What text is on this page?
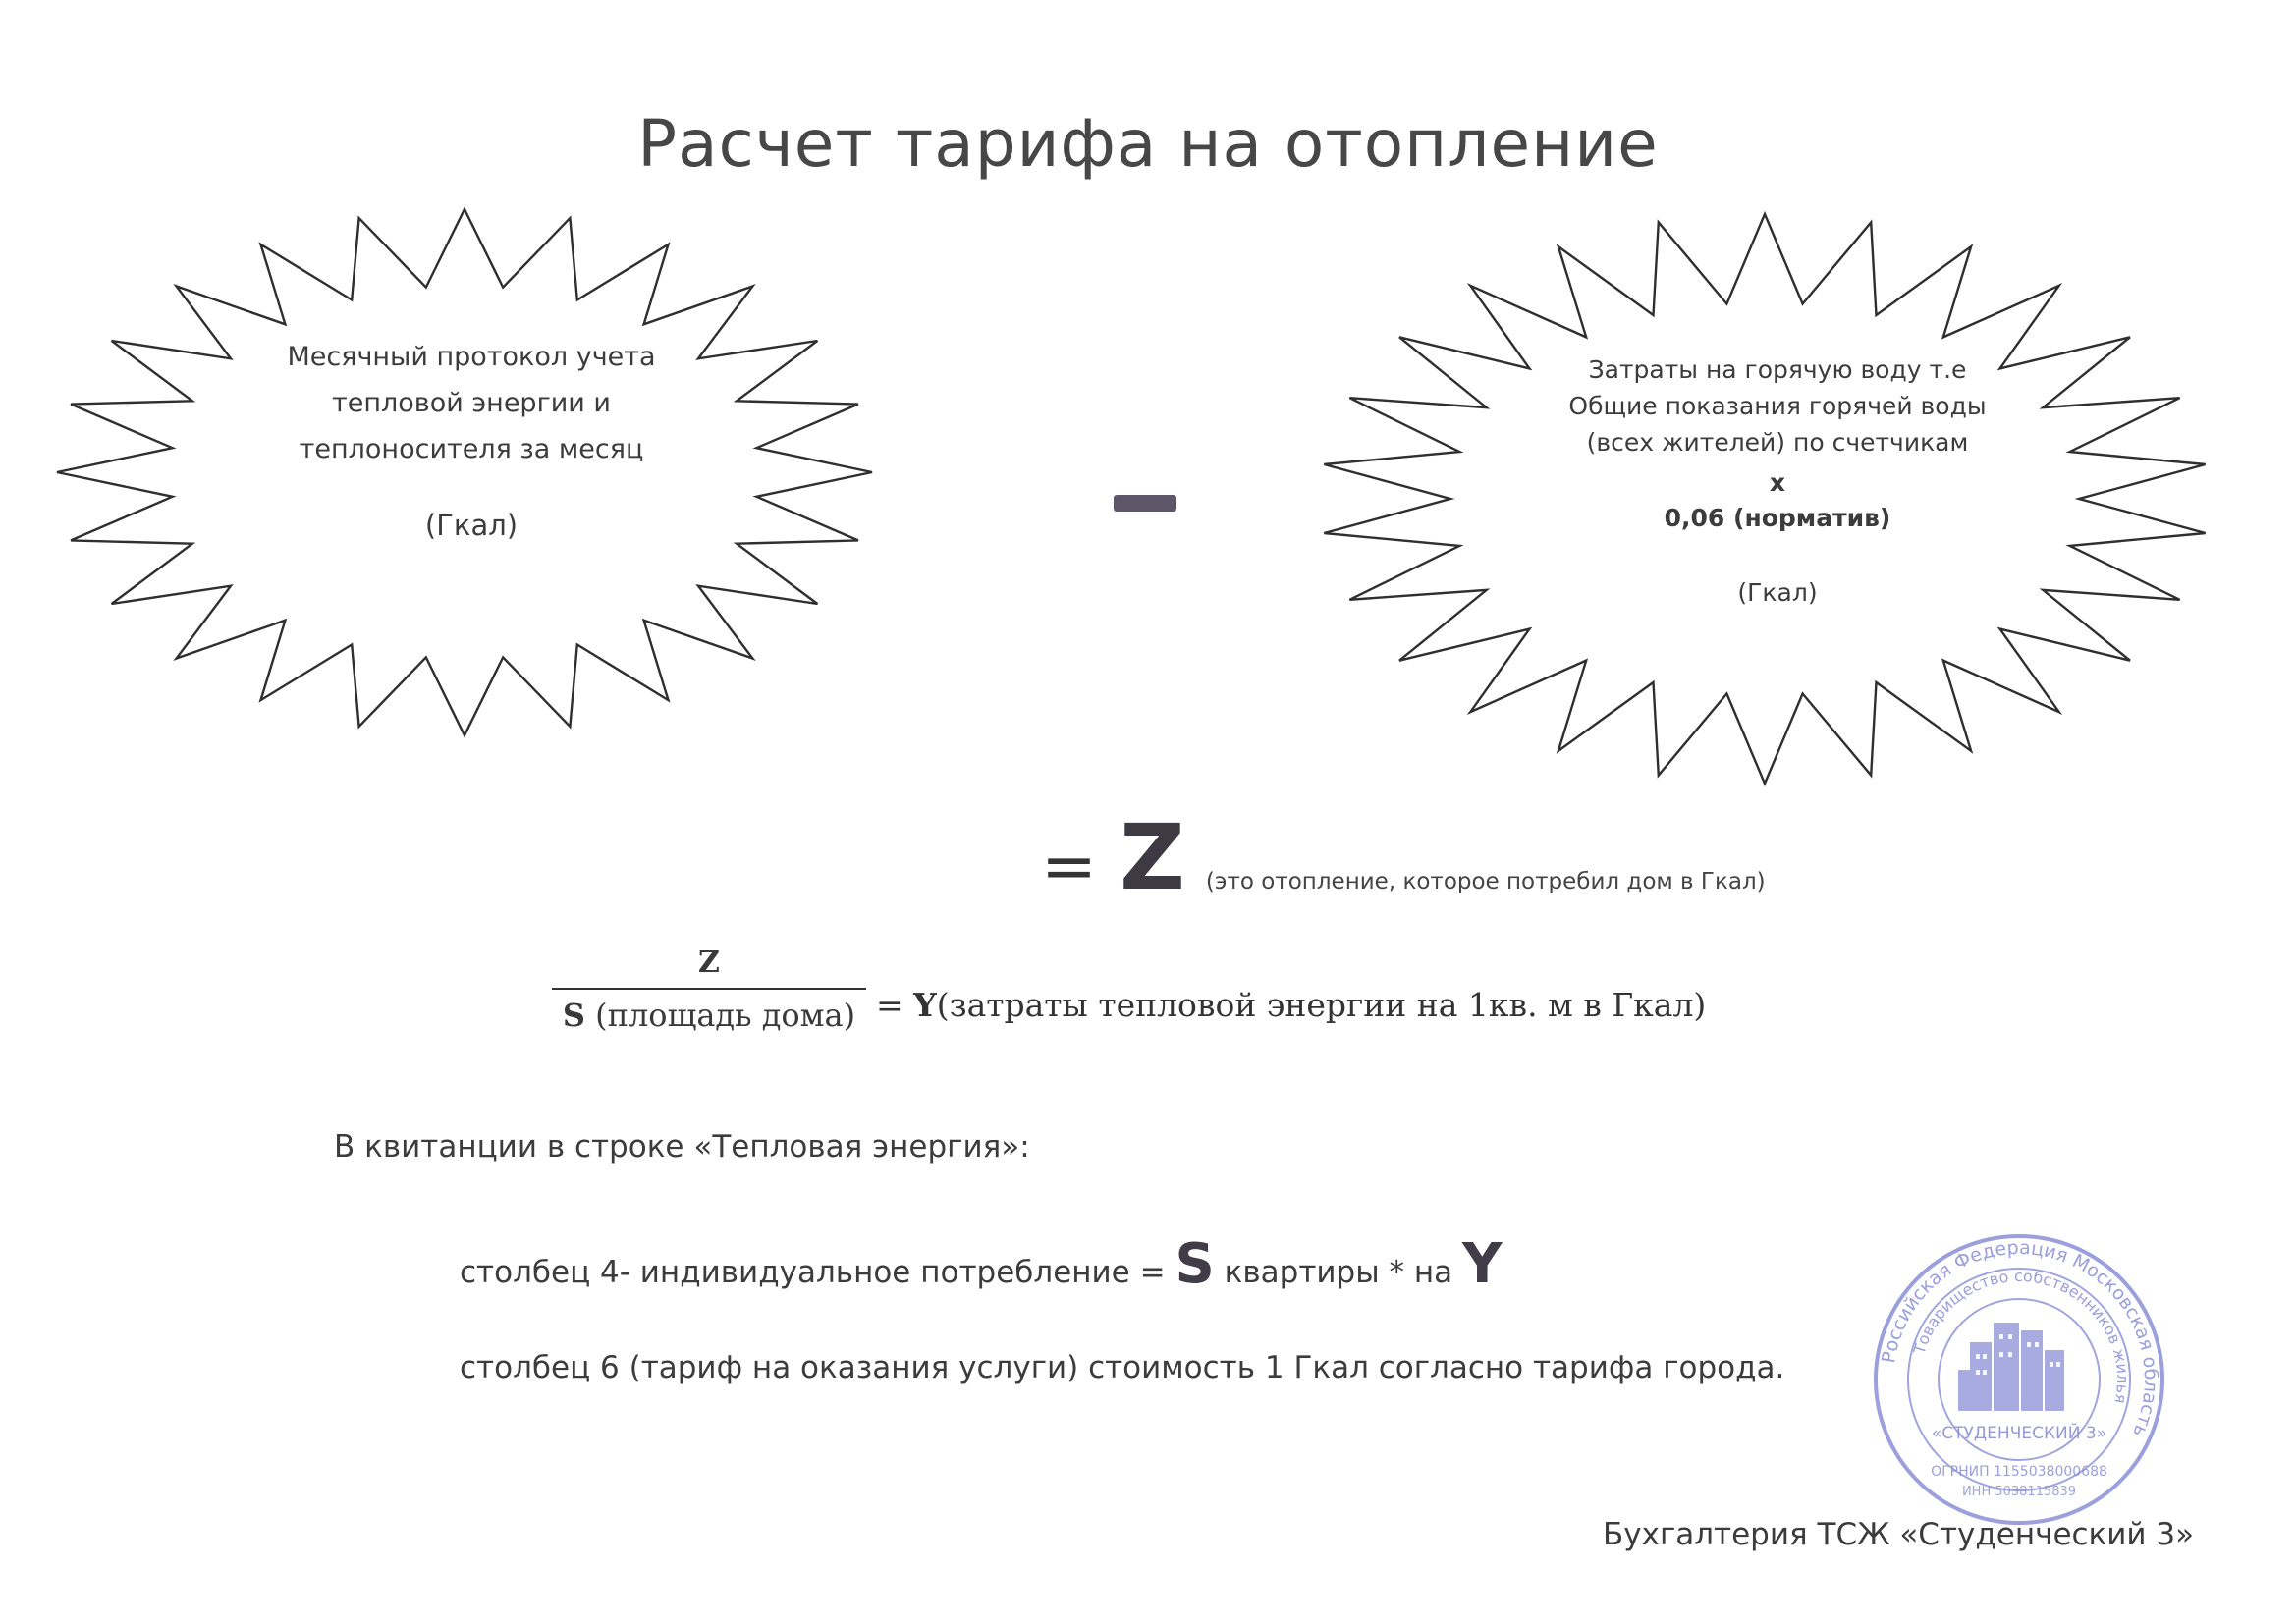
Расчет тарифа на отопление
Месячный протокол учета
тепловой энергии и
теплоносителя за месяц
(Гкал)
Затраты на горячую воду т.е
Общие показания горячей воды
(всех жителей) по счетчикам
x
0,06 (норматив)
(Гкал)
= Z (это отопление, которое потребил дом в Гкал)
Z
S (площадь дома) = Y(затраты тепловой энергии на 1кв. м в Гкал)
В квитанции в строке «Тепловая энергия»:
столбец 4- индивидуальное потребление = S квартиры * на Y
столбец 6 (тариф на оказания услуги) стоимость 1 Гкал согласно тарифа города.	Российская Федерация Московская область
Товарищество собственников жилья
«СТУДЕНЧЕСКИЙ 3»
ОГРНИП 1155038000688
ИНН 5038115839
Бухгалтерия ТСЖ «Студенческий 3»
